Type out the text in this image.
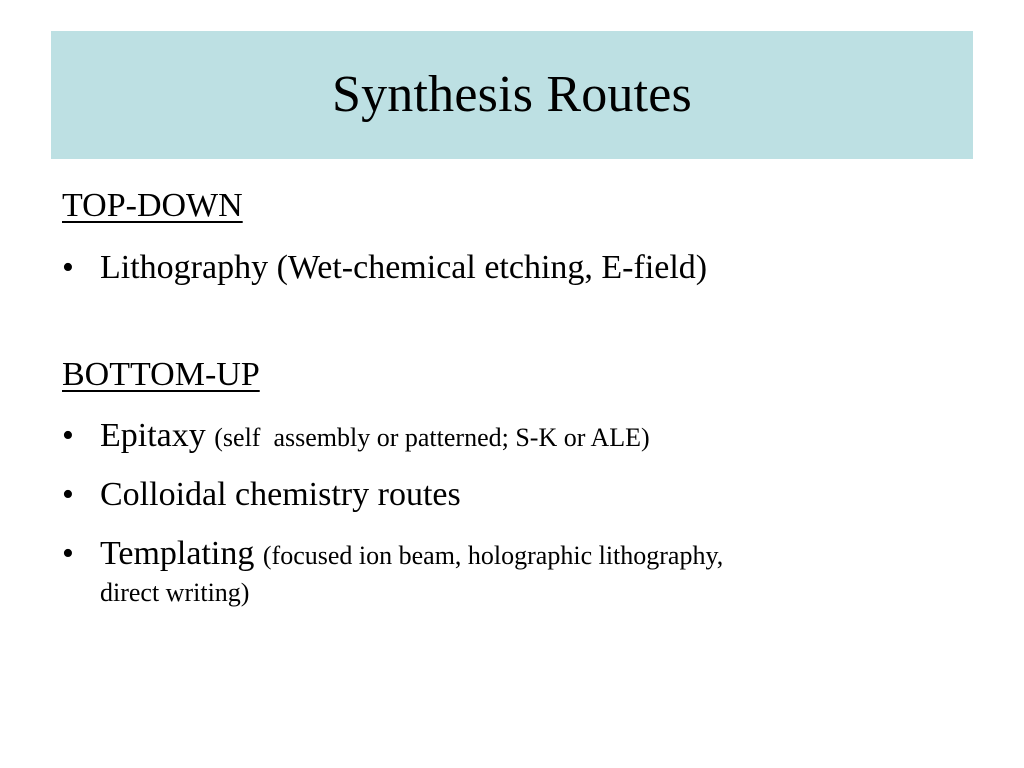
Synthesis Routes
TOP-DOWN
• Lithography (Wet-chemical etching, E-field)
BOTTOM-UP
• Epitaxy (self  assembly or patterned; S-K or ALE)
• Colloidal chemistry routes
• Templating (focused ion beam, holographic lithography,
direct writing)
